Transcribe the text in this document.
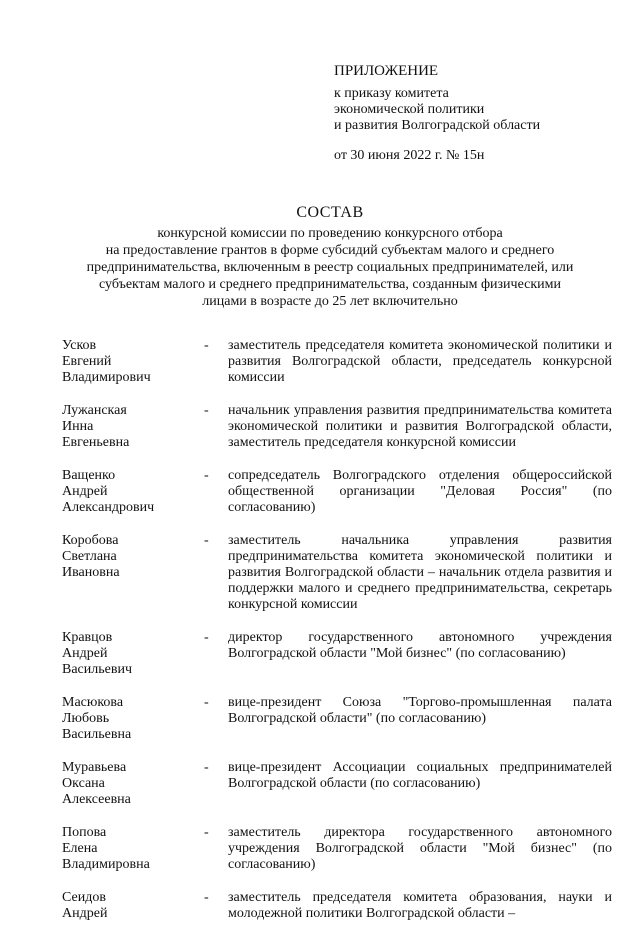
ПРИЛОЖЕНИЕ
к приказу комитета
экономической политики
и развития Волгоградской области
от 30 июня 2022 г. № 15н
СОСТАВ
конкурсной комиссии по проведению конкурсного отбора
на предоставление грантов в форме субсидий субъектам малого и среднего
предпринимательства, включенным в реестр социальных предпринимателей, или
субъектам малого и среднего предпринимательства, созданным физическими
лицами в возрасте до 25 лет включительно
Усков
Евгений
Владимирович
-	заместитель председателя комитета экономической политики и развития Волгоградской области, председатель конкурсной комиссии
Лужанская
Инна
Евгеньевна
-	начальник управления развития предпринимательства комитета экономической политики и развития Волгоградской области, заместитель председателя конкурсной комиссии
Ващенко
Андрей
Александрович
-	сопредседатель Волгоградского отделения общероссийской общественной организации "Деловая Россия" (по согласованию)
Коробова
Светлана
Ивановна
-	заместитель начальника управления развития предпринимательства комитета экономической политики и развития Волгоградской области – начальник отдела развития и поддержки малого и среднего предпринимательства, секретарь конкурсной комиссии
Кравцов
Андрей
Васильевич
-	директор государственного автономного учреждения Волгоградской области "Мой бизнес" (по согласованию)
Масюкова
Любовь
Васильевна
-	вице-президент Союза "Торгово-промышленная палата Волгоградской области" (по согласованию)
Муравьева
Оксана
Алексеевна
-	вице-президент Ассоциации социальных предпринимателей Волгоградской области (по согласованию)
Попова
Елена
Владимировна
-	заместитель директора государственного автономного учреждения Волгоградской области "Мой бизнес" (по согласованию)
Сеидов
Андрей
-	заместитель председателя комитета образования, науки и молодежной политики Волгоградской области –
